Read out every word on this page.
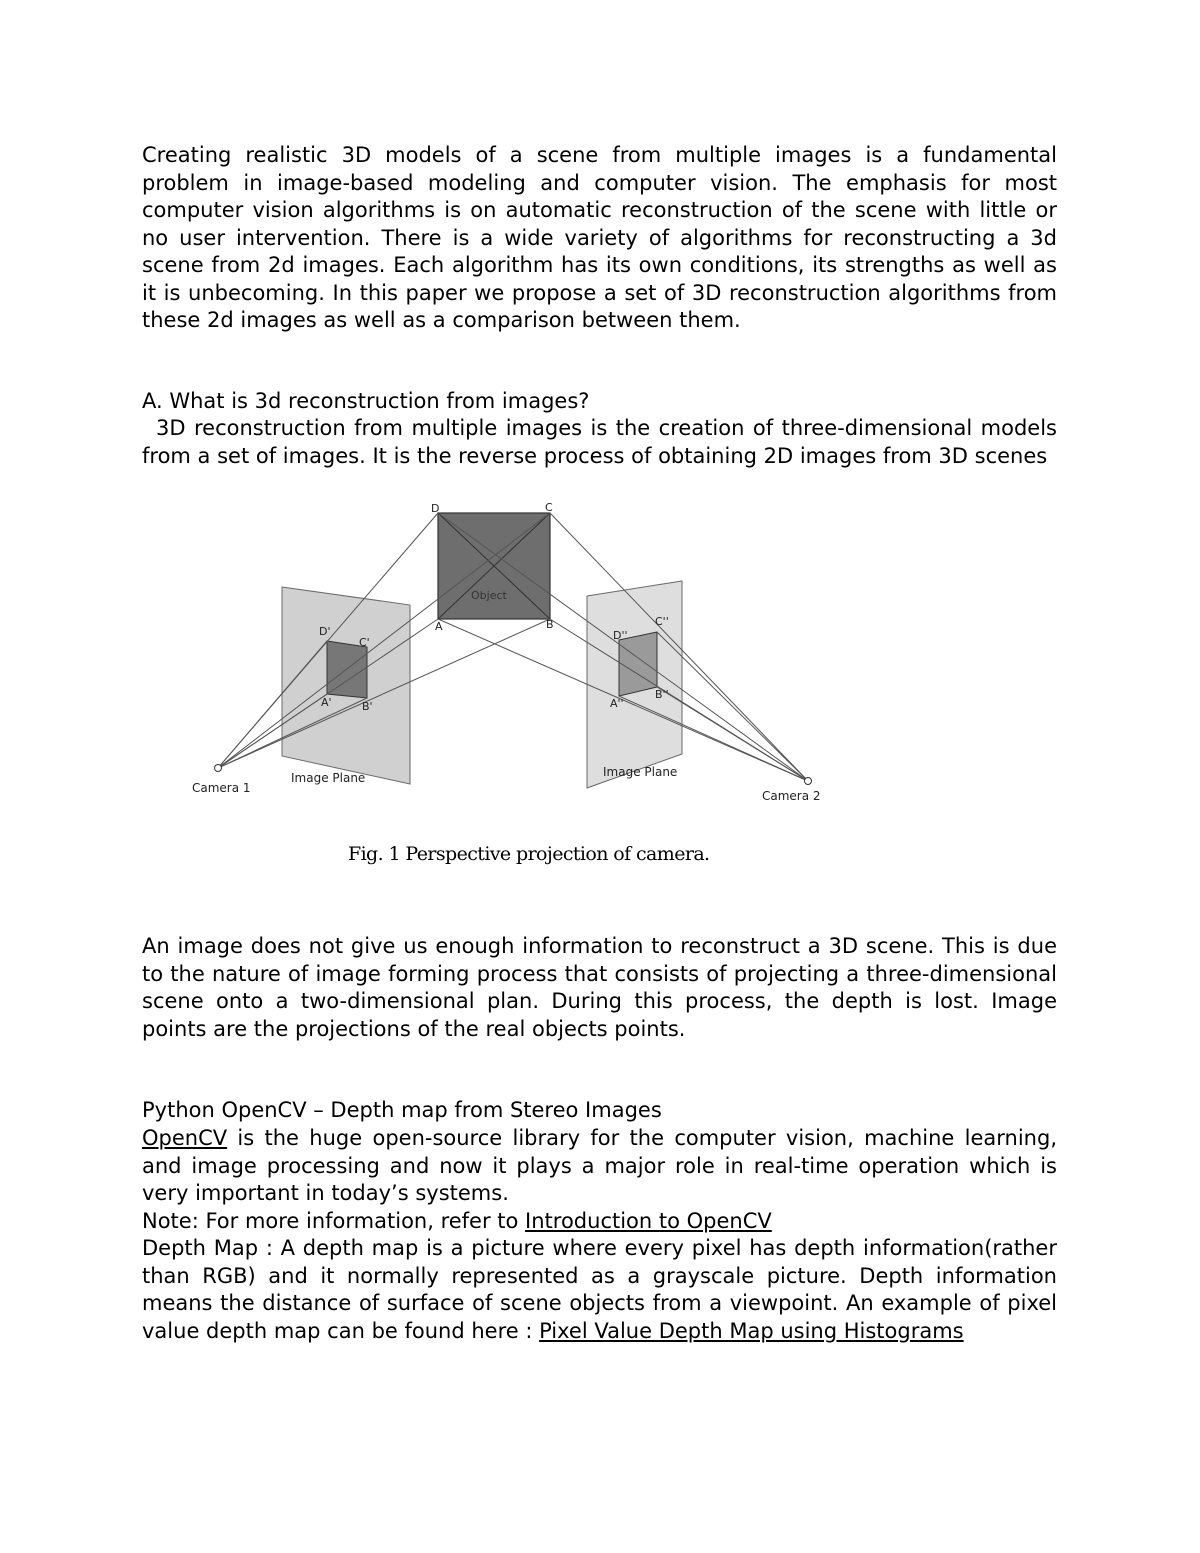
Creating realistic 3D models of a scene from multiple images is a fundamental problem in image-based modeling and computer vision. The emphasis for most computer vision algorithms is on automatic reconstruction of the scene with little or no user intervention. There is a wide variety of algorithms for reconstructing a 3d scene from 2d images. Each algorithm has its own conditions, its strengths as well as it is unbecoming. In this paper we propose a set of 3D reconstruction algorithms from these 2d images as well as a comparison between them.

A. What is 3d reconstruction from images?

3D reconstruction from multiple images is the creation of three-dimensional models from a set of images. It is the reverse process of obtaining 2D images from 3D scenes

D	C
A	B
Object
D'
C'
A'	B'
D''
C''
A''
B''
Camera 1
Camera 2
Image Plane	Image Plane
Fig. 1 Perspective projection of camera.

An image does not give us enough information to reconstruct a 3D scene. This is due to the nature of image forming process that consists of projecting a three-dimensional scene onto a two-dimensional plan. During this process, the depth is lost. Image points are the projections of the real objects points.

Python OpenCV – Depth map from Stereo Images
OpenCV is the huge open-source library for the computer vision, machine learning, and image processing and now it plays a major role in real-time operation which is very important in today’s systems.
Note: For more information, refer to Introduction to OpenCV
Depth Map : A depth map is a picture where every pixel has depth information(rather than RGB) and it normally represented as a grayscale picture. Depth information means the distance of surface of scene objects from a viewpoint. An example of pixel value depth map can be found here : Pixel Value Depth Map using Histograms
